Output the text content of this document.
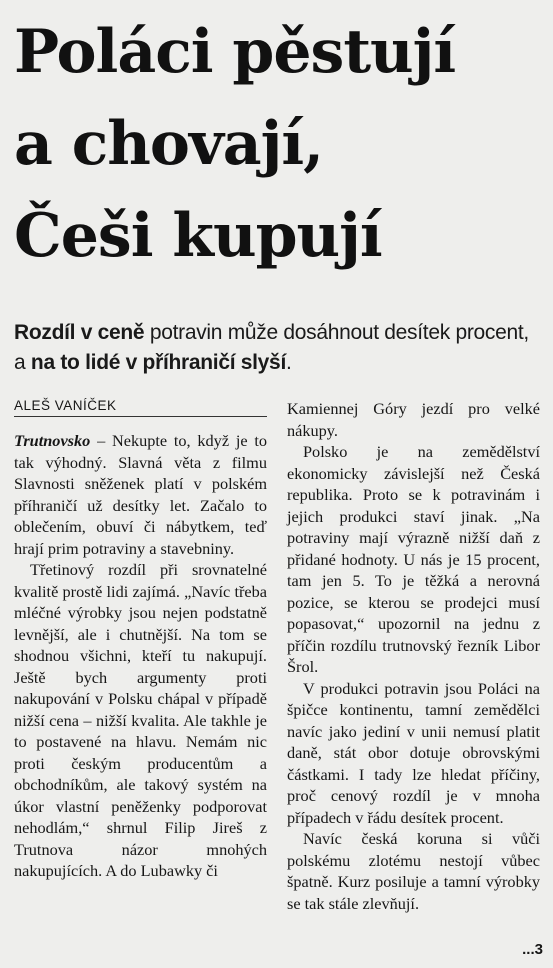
Poláci pěstují
a chovají,
Češi kupují
Rozdíl v ceně potravin může dosáhnout desítek procent, a na to lidé v příhraničí slyší.
ALEŠ VANÍČEK

Trutnovsko – Nekupte to, když je to tak výhodný. Slavná věta z filmu Slavnosti sněženek platí v polském příhraničí už desítky let. Začalo to oblečením, obuví či nábytkem, teď hrají prim potraviny a stavebniny.

Třetinový rozdíl při srovnatelné kvalitě prostě lidi zajímá. „Navíc třeba mléčné výrobky jsou nejen podstatně levnější, ale i chutnější. Na tom se shodnou všichni, kteří tu nakupují. Ještě bych argumenty proti nakupování v Polsku chápal v případě nižší cena – nižší kvalita. Ale takhle je to postavené na hlavu. Nemám nic proti českým producentům a obchodníkům, ale takový systém na úkor vlastní peněženky podporovat nehodlám,“ shrnul Filip Jireš z Trutnova názor mnohých nakupujících. A do Lubawky či

Kamiennej Góry jezdí pro velké nákupy.

Polsko je na zemědělství ekonomicky závislejší než Česká republika. Proto se k potravinám i jejich produkci staví jinak. „Na potraviny mají výrazně nižší daň z přidané hodnoty. U nás je 15 procent, tam jen 5. To je těžká a nerovná pozice, se kterou se prodejci musí popasovat,“ upozornil na jednu z příčin rozdílu trutnovský řezník Libor Šrol.

V produkci potravin jsou Poláci na špičce kontinentu, tamní zemědělci navíc jako jediní v unii nemusí platit daně, stát obor dotuje obrovskými částkami. I tady lze hledat příčiny, proč cenový rozdíl je v mnoha případech v řádu desítek procent.

Navíc česká koruna si vůči polskému zlotému nestojí vůbec špatně. Kurz posiluje a tamní výrobky se tak stále zlevňují.

...3
